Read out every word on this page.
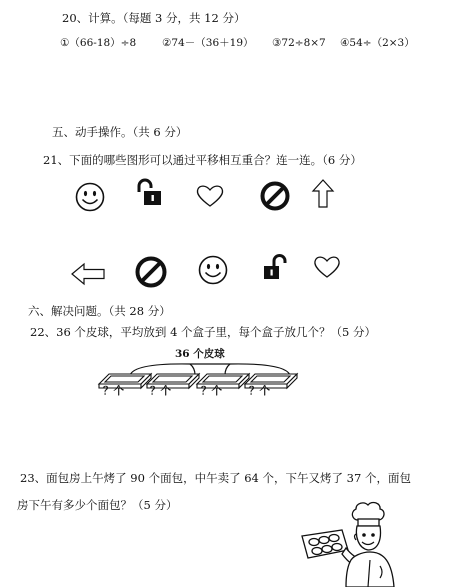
20、计算。（每题 3 分，共 12 分）
①（66-18）÷8 ②74－（36＋19） ③72÷8×7 ④54÷（2×3）
五、动手操作。（共 6 分）
21、下面的哪些图形可以通过平移相互重合？连一连。（6 分）
六、解决问题。（共 28 分）
22、36 个皮球，平均放到 4 个盒子里，每个盒子放几个？（5 分）
36 个皮球
？个 ？个	？个	？个
23、面包房上午烤了 90 个面包，中午卖了 64 个，下午又烤了 37 个，面包
房下午有多少个面包？（5 分）
